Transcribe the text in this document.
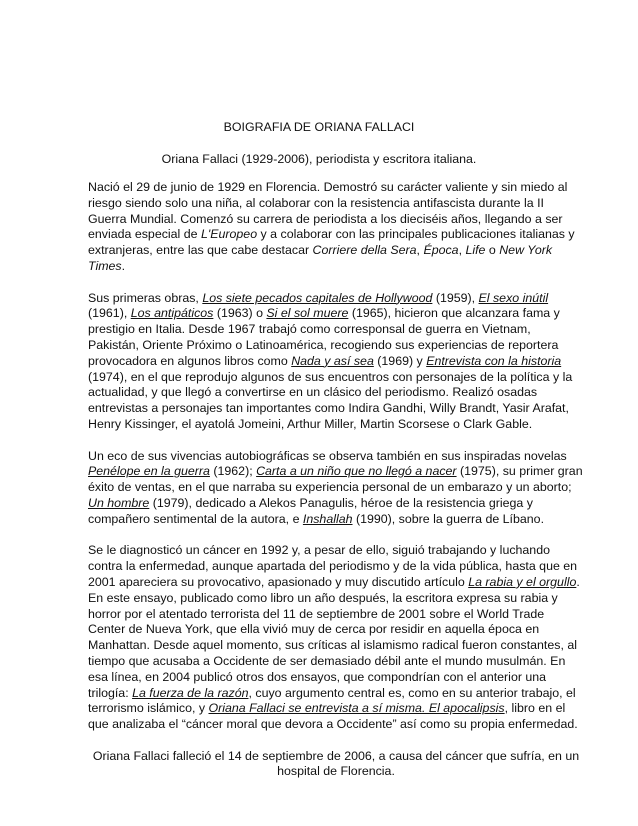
BOIGRAFIA DE ORIANA FALLACI
Oriana Fallaci (1929-2006), periodista y escritora italiana.

Nació el 29 de junio de 1929 en Florencia. Demostró su carácter valiente y sin miedo al riesgo siendo solo una niña, al colaborar con la resistencia antifascista durante la II Guerra Mundial. Comenzó su carrera de periodista a los dieciséis años, llegando a ser enviada especial de L'Europeo y a colaborar con las principales publicaciones italianas y extranjeras, entre las que cabe destacar Corriere della Sera, Época, Life o New York Times.

Sus primeras obras, Los siete pecados capitales de Hollywood (1959), El sexo inútil (1961), Los antipáticos (1963) o Si el sol muere (1965), hicieron que alcanzara fama y prestigio en Italia. Desde 1967 trabajó como corresponsal de guerra en Vietnam, Pakistán, Oriente Próximo o Latinoamérica, recogiendo sus experiencias de reportera provocadora en algunos libros como Nada y así sea (1969) y Entrevista con la historia (1974), en el que reprodujo algunos de sus encuentros con personajes de la política y la actualidad, y que llegó a convertirse en un clásico del periodismo. Realizó osadas entrevistas a personajes tan importantes como Indira Gandhi, Willy Brandt, Yasir Arafat, Henry Kissinger, el ayatolá Jomeini, Arthur Miller, Martin Scorsese o Clark Gable.

Un eco de sus vivencias autobiográficas se observa también en sus inspiradas novelas Penélope en la guerra (1962); Carta a un niño que no llegó a nacer (1975), su primer gran éxito de ventas, en el que narraba su experiencia personal de un embarazo y un aborto; Un hombre (1979), dedicado a Alekos Panagulis, héroe de la resistencia griega y compañero sentimental de la autora, e Inshallah (1990), sobre la guerra de Líbano.

Se le diagnosticó un cáncer en 1992 y, a pesar de ello, siguió trabajando y luchando contra la enfermedad, aunque apartada del periodismo y de la vida pública, hasta que en 2001 apareciera su provocativo, apasionado y muy discutido artículo La rabia y el orgullo. En este ensayo, publicado como libro un año después, la escritora expresa su rabia y horror por el atentado terrorista del 11 de septiembre de 2001 sobre el World Trade Center de Nueva York, que ella vivió muy de cerca por residir en aquella época en Manhattan. Desde aquel momento, sus críticas al islamismo radical fueron constantes, al tiempo que acusaba a Occidente de ser demasiado débil ante el mundo musulmán. En esa línea, en 2004 publicó otros dos ensayos, que compondrían con el anterior una trilogía: La fuerza de la razón, cuyo argumento central es, como en su anterior trabajo, el terrorismo islámico, y Oriana Fallaci se entrevista a sí misma. El apocalipsis, libro en el que analizaba el “cáncer moral que devora a Occidente” así como su propia enfermedad.

Oriana Fallaci falleció el 14 de septiembre de 2006, a causa del cáncer que sufría, en un hospital de Florencia.
